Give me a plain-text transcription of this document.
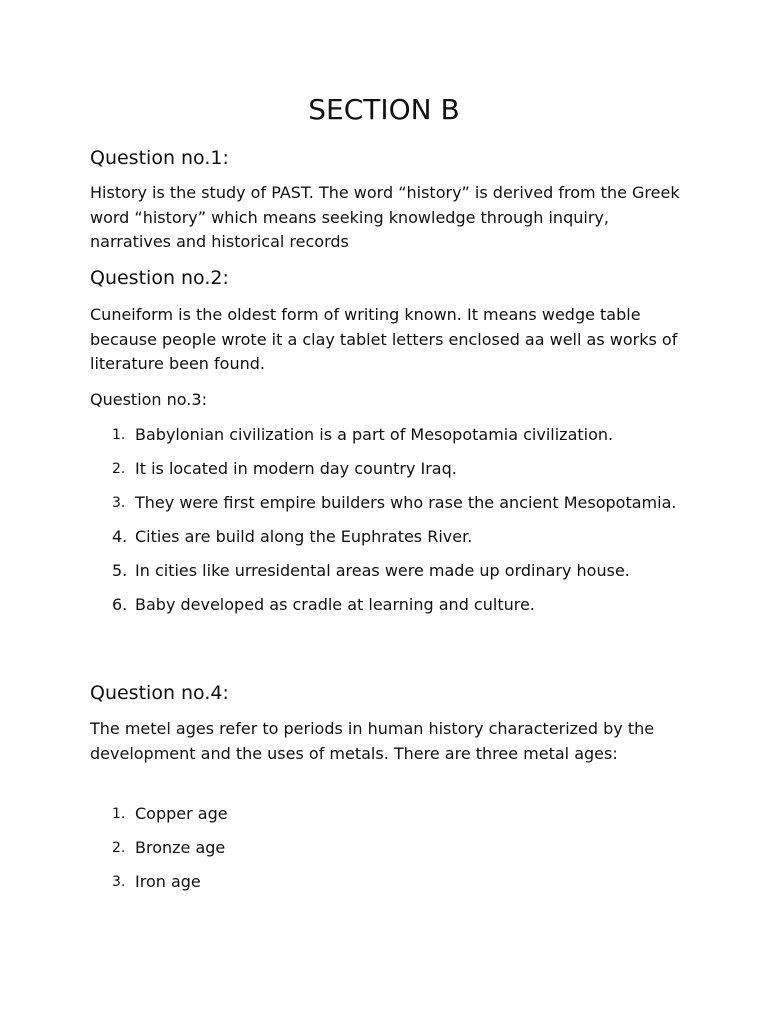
SECTION B
Question no.1:

History is the study of PAST. The word “history” is derived from the Greek word “history” which means seeking knowledge through inquiry, narratives and historical records

Question no.2:

Cuneiform is the oldest form of writing known. It means wedge table because people wrote it a clay tablet letters enclosed aa well as works of literature been found.

Question no.3:
1. Babylonian civilization is a part of Mesopotamia civilization.
2. It is located in modern day country Iraq.
3. They were first empire builders who rase the ancient Mesopotamia.
4. Cities are build along the Euphrates River.
5. In cities like urresidental areas were made up ordinary house.
6. Baby developed as cradle at learning and culture.
Question no.4:

The metel ages refer to periods in human history characterized by the development and the uses of metals. There are three metal ages:

1. Copper age
2. Bronze age
3. Iron age
